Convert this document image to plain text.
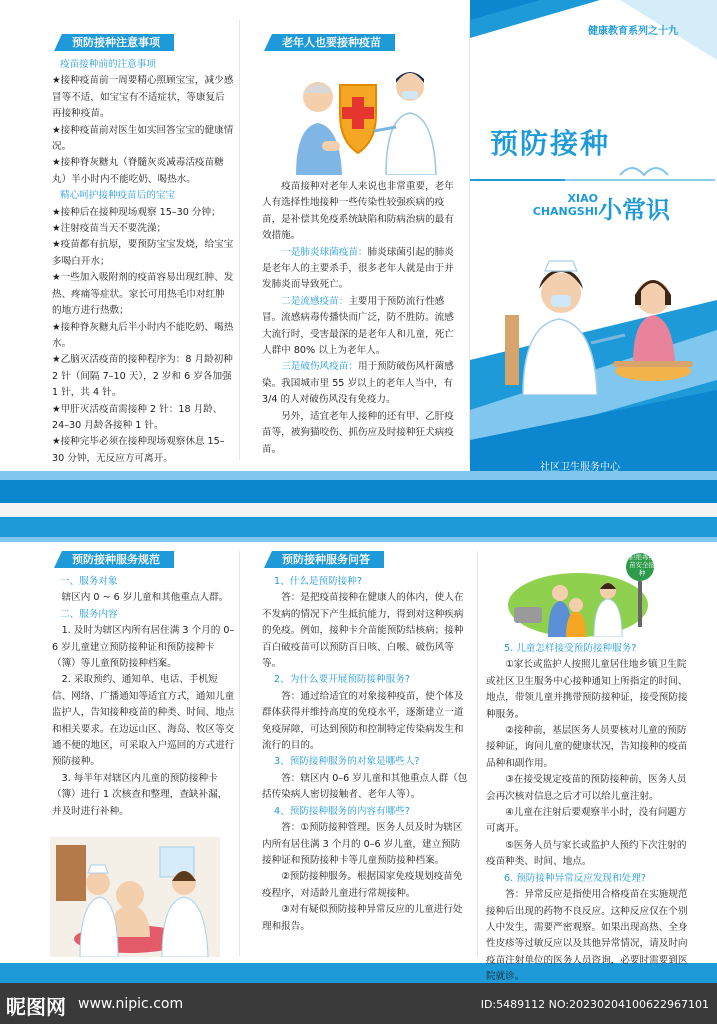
预防接种注意事项

疫苗接种前的注意事项

★接种疫苗前一周要精心照顾宝宝，减少感冒等不适，如宝宝有不适症状，等康复后再接种疫苗。

★接种疫苗前对医生如实回答宝宝的健康情况。

★接种脊灰糖丸（脊髓灰炎减毒活疫苗糖丸）半小时内不能吃奶、喝热水。

精心呵护接种疫苗后的宝宝

★接种后在接种现场观察 15–30 分钟；

★注射疫苗当天不要洗澡；

★疫苗都有抗原，要预防宝宝发烧，给宝宝多喝白开水；

★一些加入吸附剂的疫苗容易出现红肿、发热、疼痛等症状。家长可用热毛巾对红肿的地方进行热敷；

★接种脊灰糖丸后半小时内不能吃奶、喝热水。

★乙脑灭活疫苗的接种程序为：8 月龄初种 2 针（间隔 7–10 天），2 岁和 6 岁各加强 1 针，共 4 针。

★甲肝灭活疫苗需接种 2 针：18 月龄、24–30 月龄各接种 1 针。

★接种完毕必须在接种现场观察休息 15–30 分钟，无反应方可离开。

老年人也要接种疫苗

疫苗接种对老年人来说也非常重要，老年人有选择性地接种一些传染性较强疾病的疫苗，是补偿其免疫系统缺陷和防病治病的最有效措施。

一是肺炎球菌疫苗：肺炎球菌引起的肺炎是老年人的主要杀手，很多老年人就是由于并发肺炎而导致死亡。

二是流感疫苗：主要用于预防流行性感冒。流感病毒传播快而广泛，防不胜防。流感大流行时，受害最深的是老年人和儿童，死亡人群中 80% 以上为老年人。

三是破伤风疫苗：用于预防破伤风杆菌感染。我国城市里 55 岁以上的老年人当中，有 3/4 的人对破伤风没有免疫力。

另外，适宜老年人接种的还有甲、乙肝疫苗等，被狗猫咬伤、抓伤应及时接种狂犬病疫苗。

健康教育系列之十九
预防接种
XIAO
CHANGSHI 小常识
社区卫生服务中心
预防接种服务规范

一、服务对象

辖区内 0 ~ 6 岁儿童和其他重点人群。

二、服务内容

1. 及时为辖区内所有居住满 3 个月的 0–6 岁儿童建立预防接种证和预防接种卡（簿）等儿童预防接种档案。

2. 采取预约、通知单、电话、手机短信、网络、广播通知等适宜方式，通知儿童监护人，告知接种疫苗的种类、时间、地点和相关要求。在边远山区、海岛、牧区等交通不便的地区，可采取入户巡回的方式进行预防接种。

3. 每半年对辖区内儿童的预防接种卡（簿）进行 1 次核查和整理，查缺补漏，并及时进行补种。

预防接种服务问答

1、什么是预防接种?

答：是把疫苗接种在健康人的体内，使人在不发病的情况下产生抵抗能力，得到对这种疾病的免疫。例如，接种卡介苗能预防结核病；接种百白破疫苗可以预防百日咳、白喉、破伤风等等。

2、为什么要开展预防接种服务?

答：通过给适宜的对象接种疫苗，使个体及群体获得并维持高度的免疫水平，逐渐建立一道免疫屏障，可达到预防和控制特定传染病发生和流行的目的。

3、预防接种服务的对象是哪些人?

答：辖区内 0–6 岁儿童和其他重点人群（包括传染病人密切接触者、老年人等）。

4、预防接种服务的内容有哪些?

答：①预防接种管理。医务人员及时为辖区内所有居住满 3 个月的 0–6 岁儿童，建立预防接种证和预防接种卡等儿童预防接种档案。

②预防接种服务。根据国家免疫规划疫苗免疫程序，对适龄儿童进行常规接种。

③对有疑似预防接种异常反应的儿童进行处理和报告。

拒绝毒疫苗安全接种

5. 儿童怎样接受预防接种服务?

①家长或监护人按照儿童居住地乡镇卫生院或社区卫生服务中心接种通知上所指定的时间、地点，带领儿童并携带预防接种证，接受预防接种服务。

②接种前，基层医务人员要核对儿童的预防接种证，询问儿童的健康状况，告知接种的疫苗品种和副作用。

③在接受规定疫苗的预防接种前，医务人员会再次核对信息之后才可以给儿童注射。

④儿童在注射后要观察半小时，没有问题方可离开。

⑤医务人员与家长或监护人预约下次注射的疫苗种类、时间、地点。

6. 预防接种异常反应发现和处理?

答：异常反应是指使用合格疫苗在实施规范接种后出现的药物不良反应。这种反应仅在个别人中发生，需要严密观察。如果出现高热、全身性皮疹等过敏反应以及其他异常情况，请及时向疫苗注射单位的医务人员咨询，必要时需要到医院就诊。

昵图网 www.nipic.com	ID:5489112 NO:20230204100622967101
